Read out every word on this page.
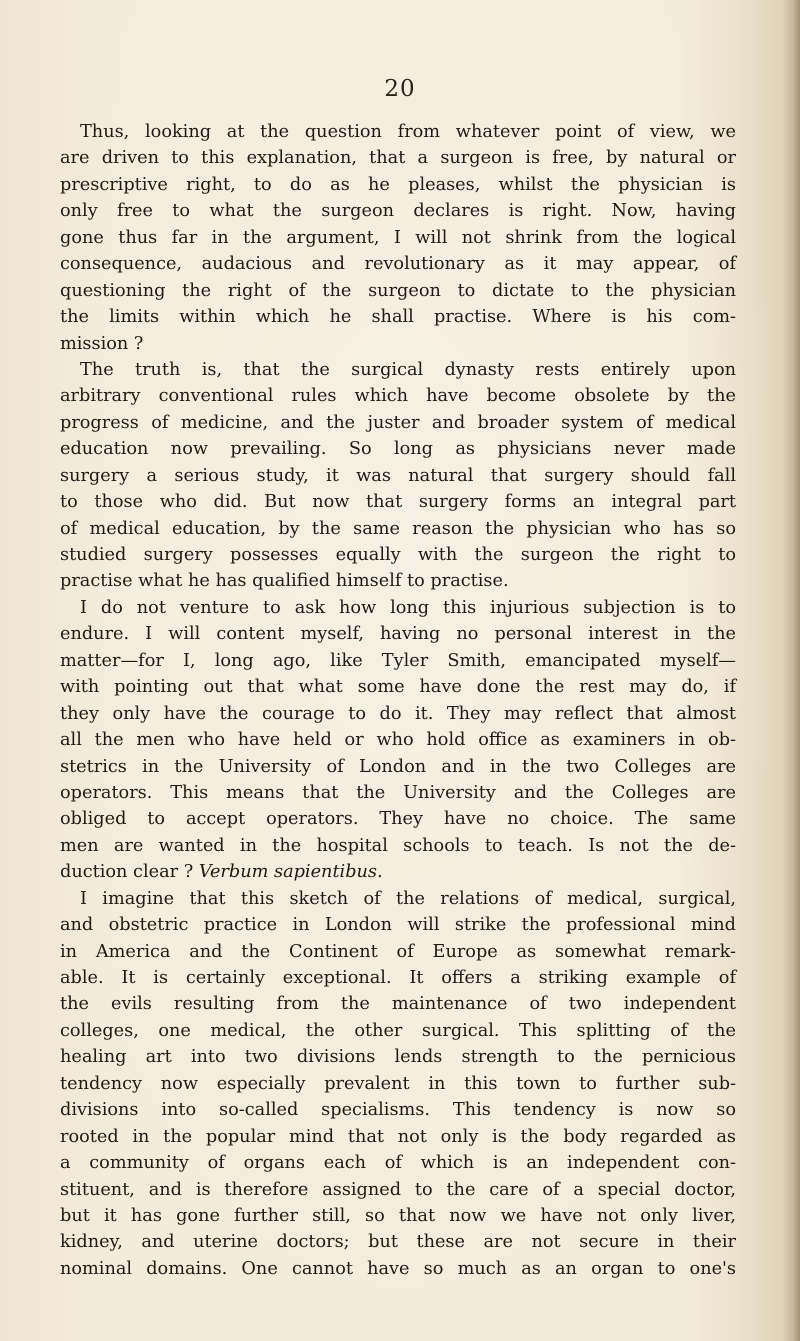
20
Thus, looking at the question from whatever point of view, we
are driven to this explanation, that a surgeon is free, by natural or
prescriptive right, to do as he pleases, whilst the physician is
only free to what the surgeon declares is right. Now, having
gone thus far in the argument, I will not shrink from the logical
consequence, audacious and revolutionary as it may appear, of
questioning the right of the surgeon to dictate to the physician
the limits within which he shall practise. Where is his com-
mission ?
The truth is, that the surgical dynasty rests entirely upon
arbitrary conventional rules which have become obsolete by the
progress of medicine, and the juster and broader system of medical
education now prevailing. So long as physicians never made
surgery a serious study, it was natural that surgery should fall
to those who did. But now that surgery forms an integral part
of medical education, by the same reason the physician who has so
studied surgery possesses equally with the surgeon the right to
practise what he has qualified himself to practise.
I do not venture to ask how long this injurious subjection is to
endure. I will content myself, having no personal interest in the
matter—for I, long ago, like Tyler Smith, emancipated myself—
with pointing out that what some have done the rest may do, if
they only have the courage to do it. They may reflect that almost
all the men who have held or who hold office as examiners in ob-
stetrics in the University of London and in the two Colleges are
operators. This means that the University and the Colleges are
obliged to accept operators. They have no choice. The same
men are wanted in the hospital schools to teach. Is not the de-
duction clear ? Verbum sapientibus.
I imagine that this sketch of the relations of medical, surgical,
and obstetric practice in London will strike the professional mind
in America and the Continent of Europe as somewhat remark-
able. It is certainly exceptional. It offers a striking example of
the evils resulting from the maintenance of two independent
colleges, one medical, the other surgical. This splitting of the
healing art into two divisions lends strength to the pernicious
tendency now especially prevalent in this town to further sub-
divisions into so-called specialisms. This tendency is now so
rooted in the popular mind that not only is the body regarded as
a community of organs each of which is an independent con-
stituent, and is therefore assigned to the care of a special doctor,
but it has gone further still, so that now we have not only liver,
kidney, and uterine doctors; but these are not secure in their
nominal domains. One cannot have so much as an organ to one's
